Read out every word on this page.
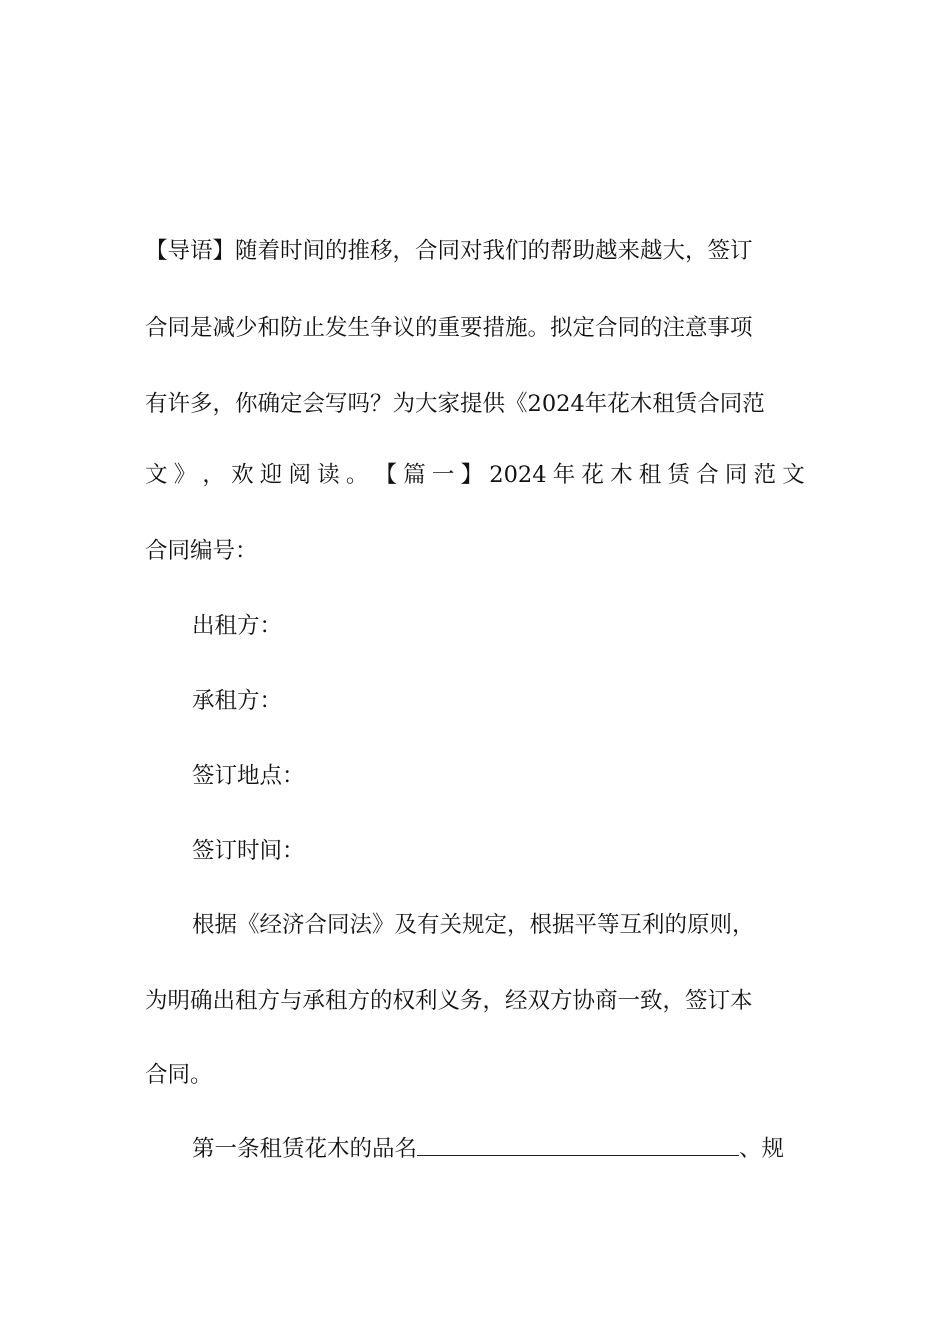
【导语】随着时间的推移，合同对我们的帮助越来越大，签订
合同是减少和防止发生争议的重要措施。拟定合同的注意事项
有许多，你确定会写吗？为大家提供《2024年花木租赁合同范
文 》 ， 欢 迎 阅 读 。 【 篇 一 】 2024 年 花 木 租 赁 合 同 范 文
合同编号：
出租方：
承租方：
签订地点：
签订时间：
根据《经济合同法》及有关规定，根据平等互利的原则，
为明确出租方与承租方的权利义务，经双方协商一致，签订本
合同。
第一条租赁花木的品名	、规
